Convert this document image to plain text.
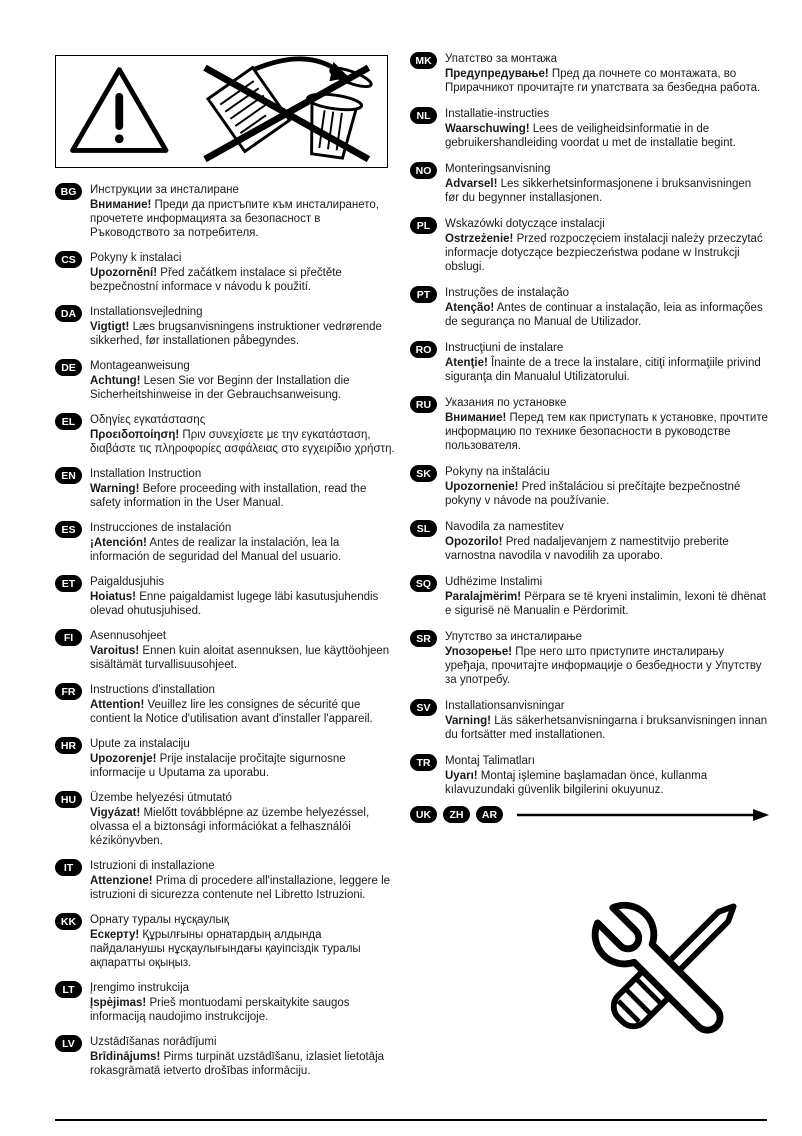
BG	Инструкции за инсталиране
Внимание! Преди да пристъпите към инсталирането, прочетете информацията за безопасност в Ръководството за потребителя.
CS	Pokyny k instalaci
Upozornění! Před začátkem instalace si přečtěte bezpečnostní informace v návodu k použití.
DA	Installationsvejledning
Vigtigt! Læs brugsanvisningens instruktioner vedrørende sikkerhed, før installationen påbegyndes.
DE	Montageanweisung
Achtung! Lesen Sie vor Beginn der Installation die Sicherheitshinweise in der Gebrauchsanweisung.
EL	Οδηγίες εγκατάστασης
Προειδοποίηση! Πριν συνεχίσετε με την εγκατάσταση, διαβάστε τις πληροφορίες ασφάλειας στο εγχειρίδιο χρήστη.
EN	Installation Instruction
Warning! Before proceeding with installation, read the safety information in the User Manual.
ES	Instrucciones de instalación
¡Atención! Antes de realizar la instalación, lea la información de seguridad del Manual del usuario.
ET	Paigaldusjuhis
Hoiatus! Enne paigaldamist lugege läbi kasutusjuhendis olevad ohutusjuhised.
FI	Asennusohjeet
Varoitus! Ennen kuin aloitat asennuksen, lue käyttöohjeen sisältämät turvallisuusohjeet.
FR	Instructions d'installation
Attention! Veuillez lire les consignes de sécurité que contient la Notice d'utilisation avant d'installer l'appareil.
HR	Upute za instalaciju
Upozorenje! Prije instalacije pročitajte sigurnosne informacije u Uputama za uporabu.
HU	Üzembe helyezési útmutató
Vigyázat! Mielőtt továbblépne az üzembe helyezéssel, olvassa el a biztonsági információkat a felhasználói kézikönyvben.
IT	Istruzioni di installazione
Attenzione! Prima di procedere all'installazione, leggere le istruzioni di sicurezza contenute nel Libretto Istruzioni.
KK	Орнату туралы нұсқаулық
Ескерту! Құрылғыны орнатардың алдында пайдаланушы нұсқаулығындағы қауіпсіздік туралы ақпаратты оқыңыз.
LT	Įrengimo instrukcija
Įspėjimas! Prieš montuodami perskaitykite saugos informaciją naudojimo instrukcijoje.
LV	Uzstādīšanas norādījumi
Brīdinājums! Pirms turpināt uzstādīšanu, izlasiet lietotāja rokasgrāmatā ietverto drošības informāciju.
MK	Упатство за монтажа
Предупредување! Пред да почнете со монтажата, во Прирачникот прочитајте ги упатствата за безбедна работа.
NL	Installatie-instructies
Waarschuwing! Lees de veiligheidsinformatie in de gebruikershandleiding voordat u met de installatie begint.
NO	Monteringsanvisning
Advarsel! Les sikkerhetsinformasjonene i bruksanvisningen før du begynner installasjonen.
PL	Wskazówki dotyczące instalacji
Ostrzeżenie! Przed rozpoczęciem instalacji należy przeczytać informacje dotyczące bezpieczeństwa podane w Instrukcji obslugi.
PT	Instruções de instalação
Atenção! Antes de continuar a instalação, leia as informações de segurança no Manual de Utilizador.
RO	Instrucţiuni de instalare
Atenţie! Înainte de a trece la instalare, citiţi informaţiile privind siguranţa din Manualul Utilizatorului.
RU	Указания по установке
Внимание! Перед тем как приступать к установке, прочтите информацию по технике безопасности в руководстве пользователя.
SK	Pokyny na inštaláciu
Upozornenie! Pred inštaláciou si prečítajte bezpečnostné pokyny v návode na používanie.
SL	Navodila za namestitev
Opozorilo! Pred nadaljevanjem z namestitvijo preberite varnostna navodila v navodilih za uporabo.
SQ	Udhëzime Instalimi
Paralajmërim! Përpara se të kryeni instalimin, lexoni të dhënat e sigurisë në Manualin e Përdorimit.
SR	Упутство за инсталирање
Упозорење! Пре него што приступите инсталирању уређаја, прочитајте информације о безбедности у Упутству за употребу.
SV	Installationsanvisningar
Varning! Läs säkerhetsanvisningarna i bruksanvisningen innan du fortsätter med installationen.
TR	Montaj Talimatları
Uyarı! Montaj işlemine başlamadan önce, kullanma kılavuzundaki güvenlik bilgilerini okuyunuz.
UK	ZH	AR
